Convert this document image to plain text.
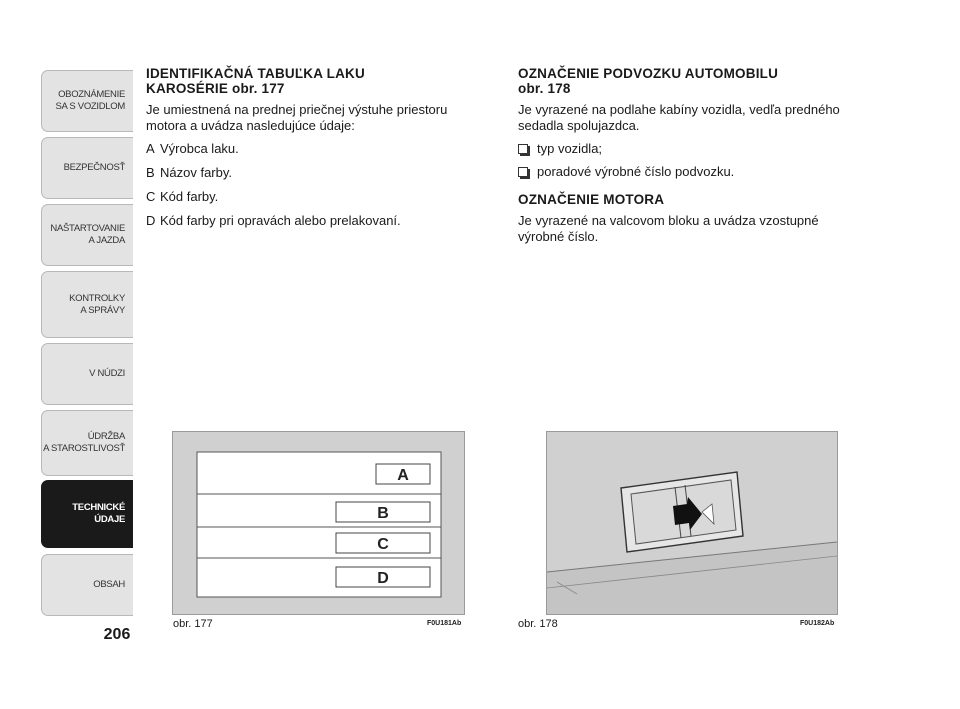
OBOZNÁMENIE
SA S VOZIDLOM
BEZPEČNOSŤ
NAŠTARTOVANIE
A JAZDA
KONTROLKY
A SPRÁVY
V NÚDZI
ÚDRŽBA
A STAROSTLIVOSŤ
TECHNICKÉ
ÚDAJE
OBSAH
206
IDENTIFIKAČNÁ TABUĽKA LAKU
KAROSÉRIE obr. 177

Je umiestnená na prednej priečnej výstuhe priestoru motora a uvádza nasledujúce údaje:

A Výrobca laku.
B Názov farby.
C Kód farby.
D Kód farby pri opravách alebo prelakovaní.
OZNAČENIE PODVOZKU AUTOMOBILU
obr. 178

Je vyrazené na podlahe kabíny vozidla, vedľa predného sedadla spolujazdca.

typ vozidla;
poradové výrobné číslo podvozku.
OZNAČENIE MOTORA

Je vyrazené na valcovom bloku a uvádza vzostupné výrobné číslo.

A
B
C
D
obr. 177	F0U181Ab	obr. 178	F0U182Ab
